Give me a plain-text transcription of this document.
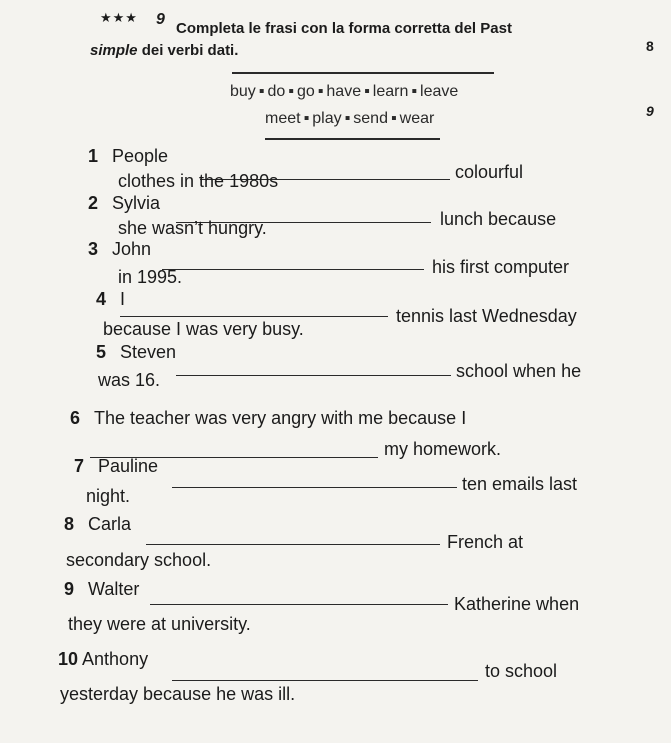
★★★ 9
Completa le frasi con la forma corretta del Past
simple dei verbi dati.	8
9
buy ▪ do ▪ go ▪ have ▪ learn ▪ leave
meet ▪ play ▪ send ▪ wear
1 People
colourful
clothes in the 1980s
2 Sylvia
lunch because
she wasn’t hungry.
3 John
his first computer
in 1995.
4 I
tennis last Wednesday
because I was very busy.
5 Steven
school when he
was 16.
6 The teacher was very angry with me because I
my homework.
7 Pauline
ten emails last
night.
8 Carla
French at
secondary school.
9 Walter
Katherine when
they were at university.
10 Anthony
to school
yesterday because he was ill.
